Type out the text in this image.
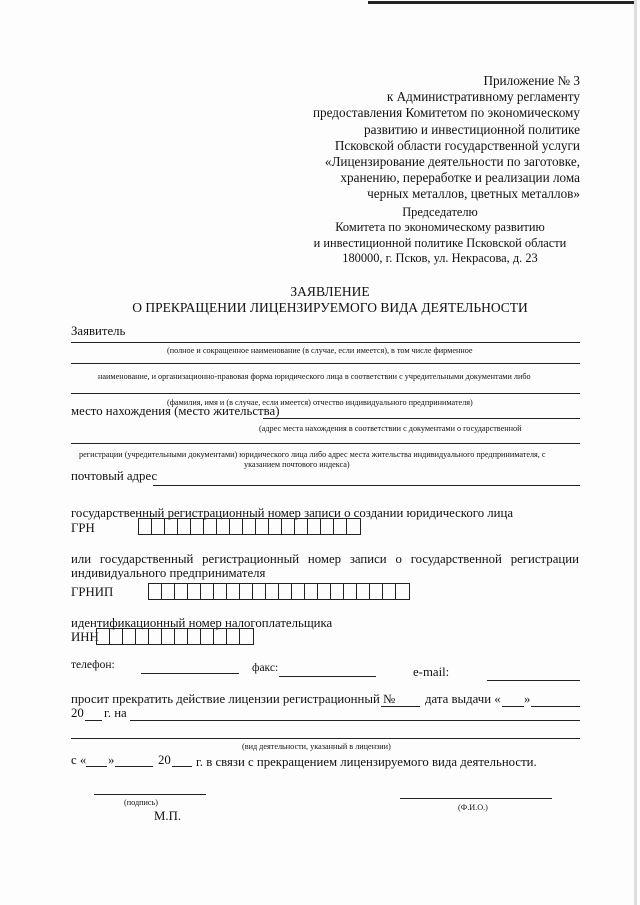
Приложение № 3
к Административному регламенту
предоставления Комитетом по экономическому
развитию и инвестиционной политике
Псковской области государственной услуги
«Лицензирование деятельности по заготовке,
хранению, переработке и реализации лома
черных металлов, цветных металлов»
Председателю
Комитета по экономическому развитию
и инвестиционной политике Псковской области
180000, г. Псков, ул. Некрасова, д. 23
ЗАЯВЛЕНИЕ
О ПРЕКРАЩЕНИИ ЛИЦЕНЗИРУЕМОГО ВИДА ДЕЯТЕЛЬНОСТИ
Заявитель
(полное и сокращенное наименование (в случае, если имеется), в том числе фирменное
наименование, и организационно-правовая форма юридического лица в соответствии с учредительными документами либо
(фамилия, имя и (в случае, если имеется) отчество индивидуального предпринимателя)
место нахождения (место жительства)
(адрес места нахождения в соответствии с документами о государственной
регистрации (учредительными документами) юридического лица либо адрес места жительства индивидуального предпринимателя, с
указанием почтового индекса)
почтовый адрес
государственный регистрационный номер записи о создании юридического лица
ГРН
или государственный регистрационный номер записи о государственной регистрации
индивидуального предпринимателя
ГРНИП
идентификационный номер налогоплательщика
ИНН
телефон:	факс:	e-mail:
просит прекратить действие лицензии регистрационный № дата выдачи « »
20 г. на
(вид деятельности, указанный в лицензии)
с « »	20 г. в связи с прекращением лицензируемого вида деятельности.
(подпись)
(Ф.И.О.)
М.П.
